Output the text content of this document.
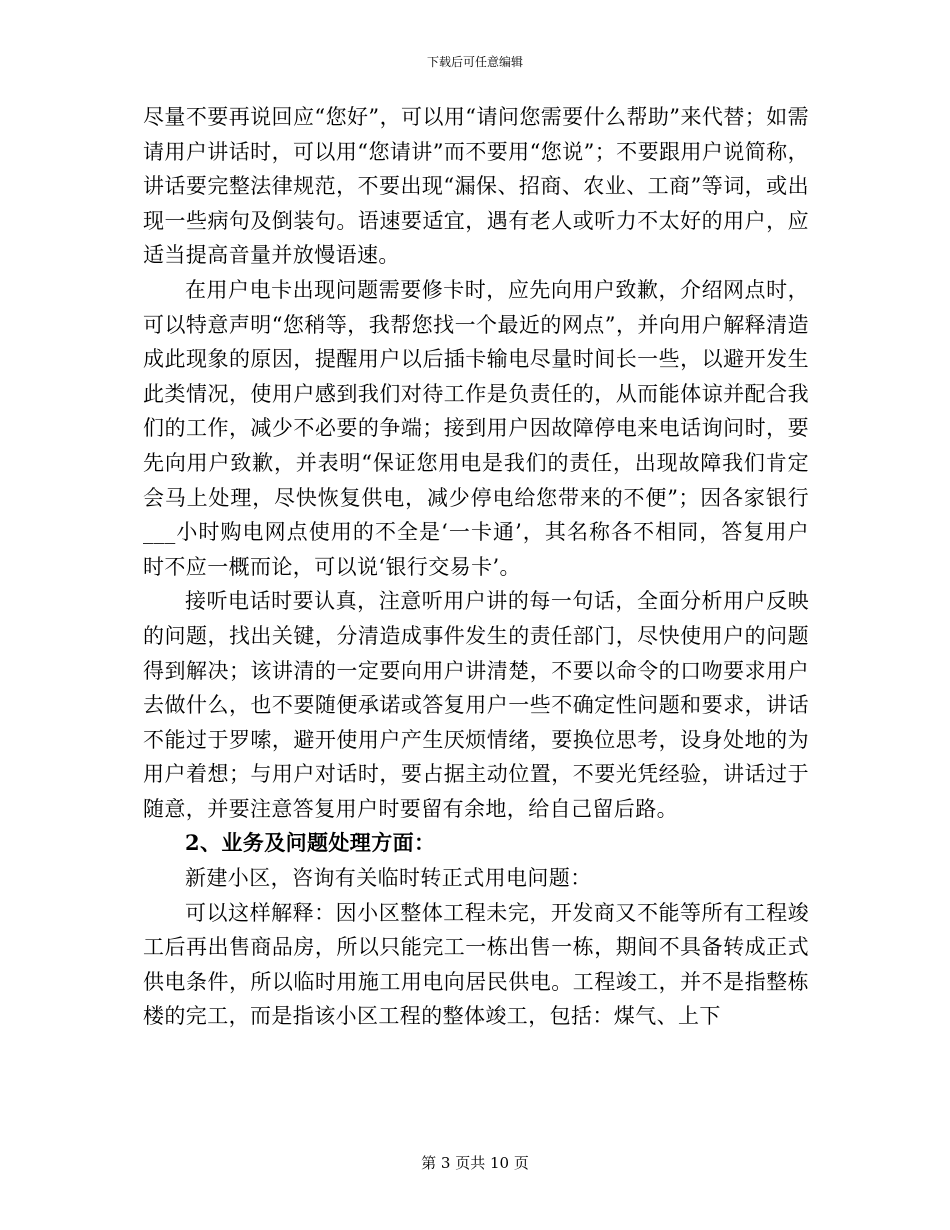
下载后可任意编辑

尽量不要再说回应“您好”，可以用“请问您需要什么帮助”来代替；如需请用户讲话时，可以用“您请讲”而不要用“您说”；不要跟用户说简称，讲话要完整法律规范，不要出现“漏保、招商、农业、工商”等词，或出现一些病句及倒装句。语速要适宜，遇有老人或听力不太好的用户，应适当提高音量并放慢语速。

在用户电卡出现问题需要修卡时，应先向用户致歉，介绍网点时，可以特意声明“您稍等，我帮您找一个最近的网点”，并向用户解释清造成此现象的原因，提醒用户以后插卡输电尽量时间长一些，以避开发生此类情况，使用户感到我们对待工作是负责任的，从而能体谅并配合我们的工作，减少不必要的争端；接到用户因故障停电来电话询问时，要先向用户致歉，并表明“保证您用电是我们的责任，出现故障我们肯定会马上处理，尽快恢复供电，减少停电给您带来的不便”；因各家银行___小时购电网点使用的不全是‘一卡通’，其名称各不相同，答复用户时不应一概而论，可以说‘银行交易卡’。

接听电话时要认真，注意听用户讲的每一句话，全面分析用户反映的问题，找出关键，分清造成事件发生的责任部门，尽快使用户的问题得到解决；该讲清的一定要向用户讲清楚，不要以命令的口吻要求用户去做什么，也不要随便承诺或答复用户一些不确定性问题和要求，讲话不能过于罗嗦，避开使用户产生厌烦情绪，要换位思考，设身处地的为用户着想；与用户对话时，要占据主动位置，不要光凭经验，讲话过于随意，并要注意答复用户时要留有余地，给自己留后路。

2、业务及问题处理方面：

新建小区，咨询有关临时转正式用电问题：

可以这样解释：因小区整体工程未完，开发商又不能等所有工程竣工后再出售商品房，所以只能完工一栋出售一栋，期间不具备转成正式供电条件，所以临时用施工用电向居民供电。工程竣工，并不是指整栋楼的完工，而是指该小区工程的整体竣工，包括：煤气、上下

第 3 页共 10 页
